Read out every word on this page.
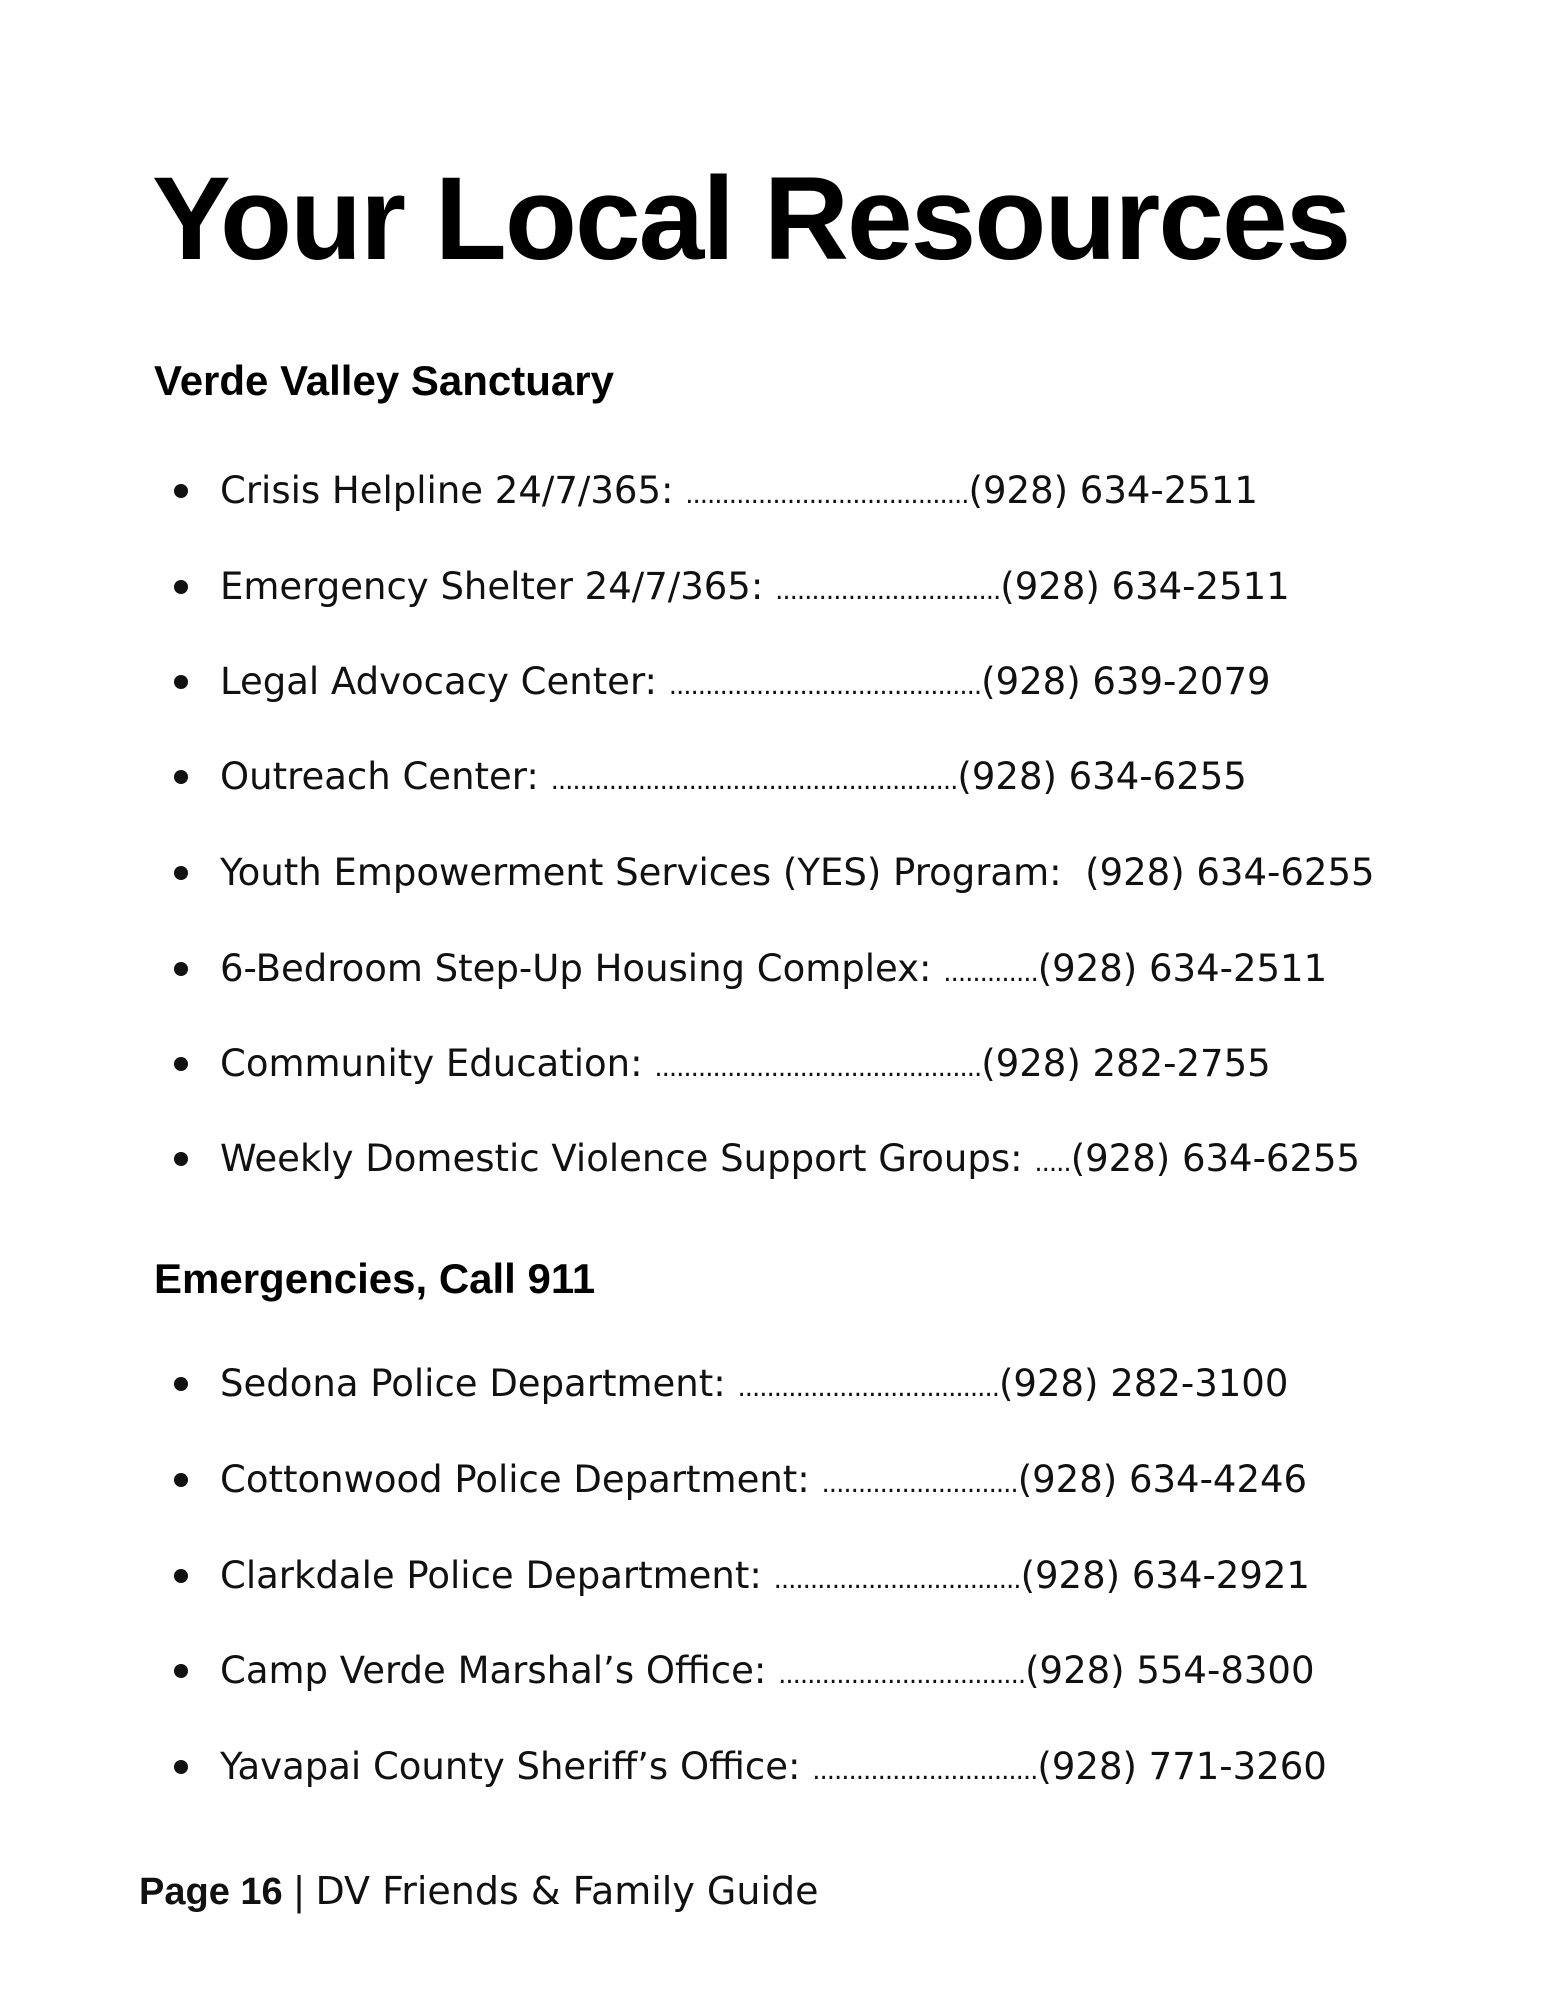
Your Local Resources
Verde Valley Sanctuary
Crisis Helpline 24/7/365:
....................................... (928) 634-2511
Emergency Shelter 24/7/365:
............................... (928) 634-2511
Legal Advocacy Center:
........................................... (928) 639-2079
Outreach Center:
........................................................ (928) 634-6255
Youth Empowerment Services (YES) Program:
(928) 634-6255
6-Bedroom Step-Up Housing Complex:
............. (928) 634-2511
Community Education:
............................................. (928) 282-2755
Weekly Domestic Violence Support Groups:
..... (928) 634-6255
Emergencies, Call 911
Sedona Police Department:
.................................... (928) 282-3100
Cottonwood Police Department:
........................... (928) 634-4246
Clarkdale Police Department:
.................................. (928) 634-2921
Camp Verde Marshal’s Office:
.................................. (928) 554-8300
Yavapai County Sheriff’s Office:
............................... (928) 771-3260
Page 16 | DV Friends & Family Guide
